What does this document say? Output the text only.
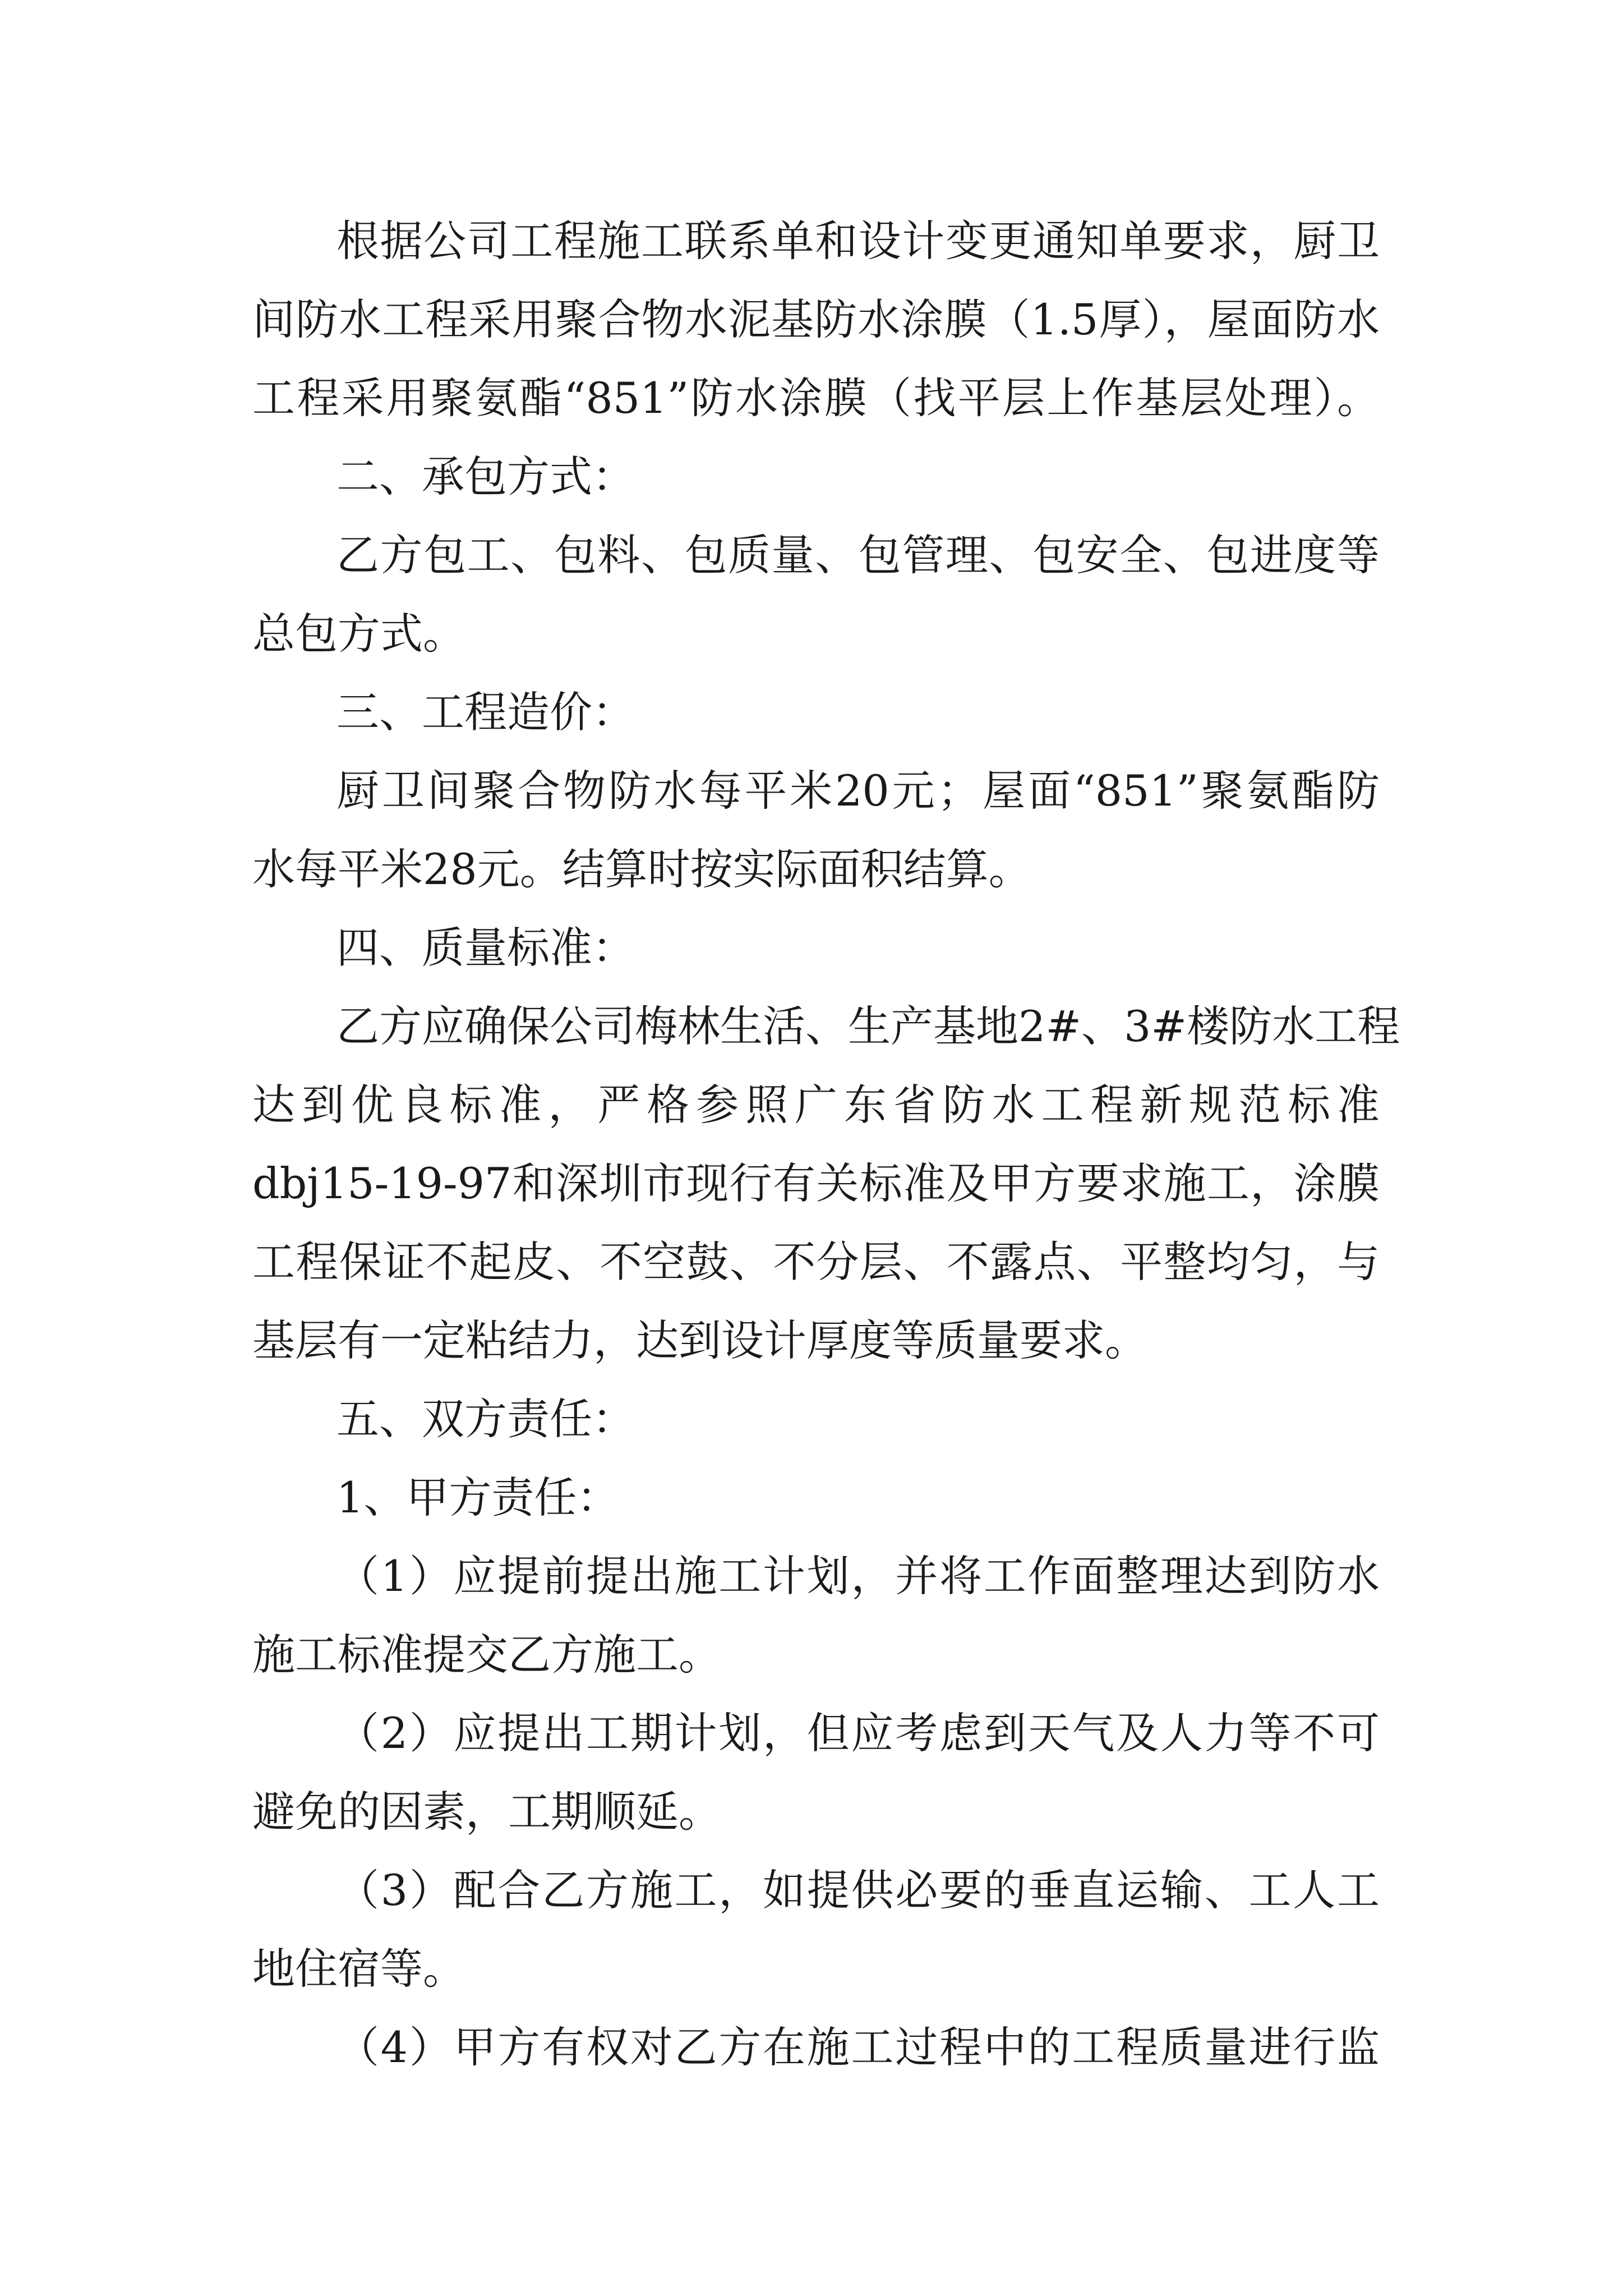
根据公司工程施工联系单和设计变更通知单要求，厨卫

间防水工程采用聚合物水泥基防水涂膜（1.5厚），屋面防水

工程采用聚氨酯“851”防水涂膜（找平层上作基层处理）。

二、承包方式：

乙方包工、包料、包质量、包管理、包安全、包进度等

总包方式。

三、工程造价：

厨卫间聚合物防水每平米20元；屋面“851”聚氨酯防

水每平米28元。结算时按实际面积结算。

四、质量标准：

乙方应确保公司梅林生活、生产基地2#、3#楼防水工程

达到优良标准，严格参照广东省防水工程新规范标准

dbj15-19-97和深圳市现行有关标准及甲方要求施工，涂膜

工程保证不起皮、不空鼓、不分层、不露点、平整均匀，与

基层有一定粘结力，达到设计厚度等质量要求。

五、双方责任：

1、甲方责任：

（1）应提前提出施工计划，并将工作面整理达到防水

施工标准提交乙方施工。

（2）应提出工期计划，但应考虑到天气及人力等不可

避免的因素，工期顺延。

（3）配合乙方施工，如提供必要的垂直运输、工人工

地住宿等。

（4）甲方有权对乙方在施工过程中的工程质量进行监
